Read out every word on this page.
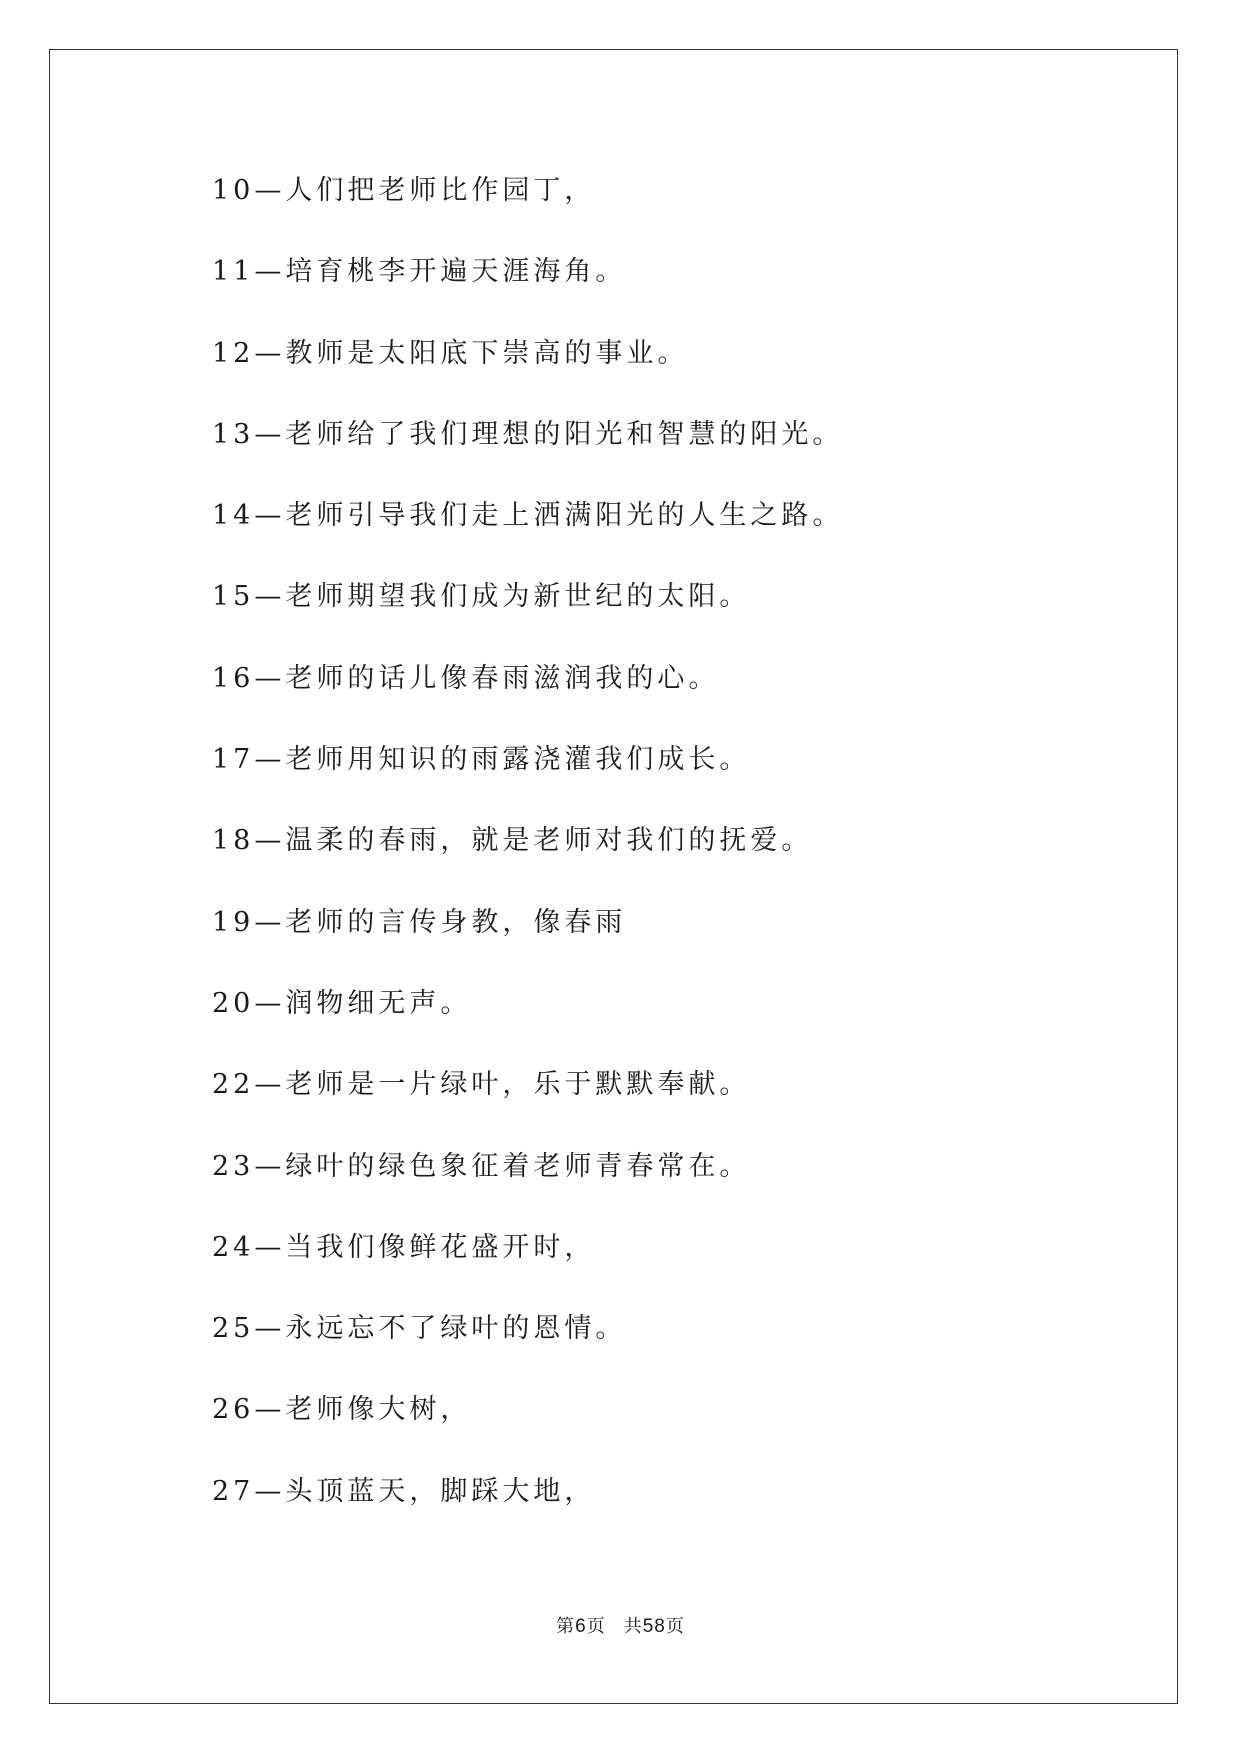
10—人们把老师比作园丁，
11—培育桃李开遍天涯海角。
12—教师是太阳底下崇高的事业。
13—老师给了我们理想的阳光和智慧的阳光。
14—老师引导我们走上洒满阳光的人生之路。
15—老师期望我们成为新世纪的太阳。
16—老师的话儿像春雨滋润我的心。
17—老师用知识的雨露浇灌我们成长。
18—温柔的春雨，就是老师对我们的抚爱。
19—老师的言传身教，像春雨
20—润物细无声。
22—老师是一片绿叶，乐于默默奉献。
23—绿叶的绿色象征着老师青春常在。
24—当我们像鲜花盛开时，
25—永远忘不了绿叶的恩情。
26—老师像大树，
27—头顶蓝天，脚踩大地，
第6页 共58页
